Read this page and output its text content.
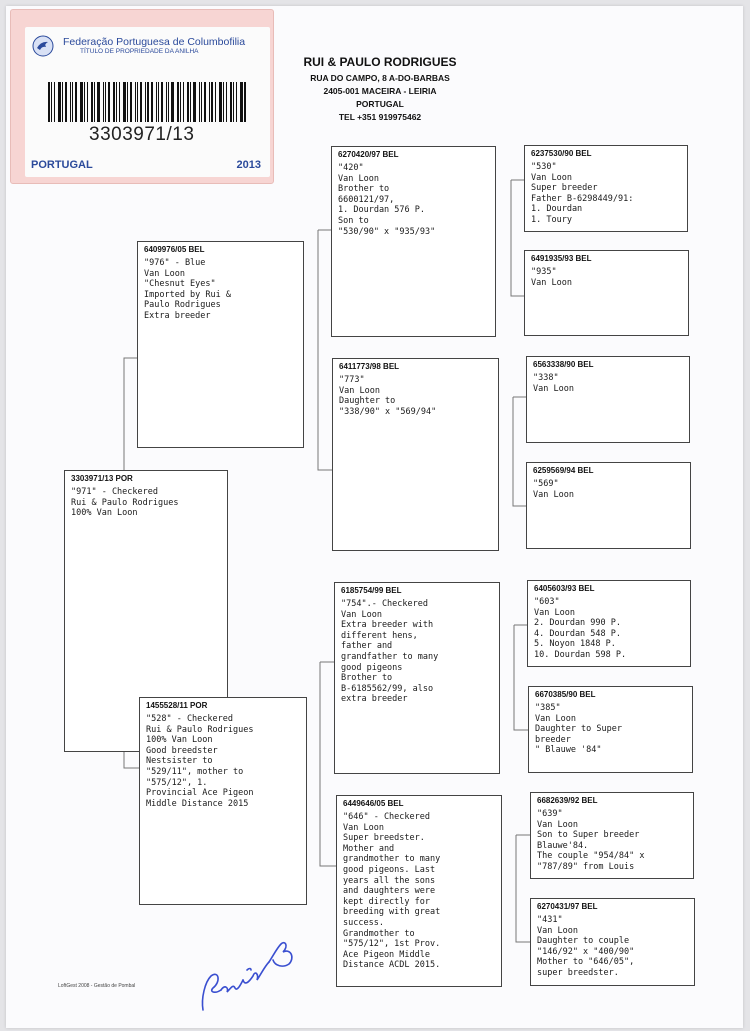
Federação Portuguesa de Columbofilia
TÍTULO DE PROPRIEDADE DA ANILHA
3303971/13
PORTUGAL	2013
RUI & PAULO RODRIGUES
RUA DO CAMPO, 8 A-DO-BARBAS
2405-001 MACEIRA - LEIRIA
PORTUGAL
TEL +351 919975462
3303971/13 POR
"971" - Checkered
Rui & Paulo Rodrigues
100% Van Loon
6409976/05 BEL
"976" - Blue
Van Loon
"Chesnut Eyes"
Imported by Rui &
Paulo Rodrigues
Extra breeder
1455528/11 POR
"528" - Checkered
Rui & Paulo Rodrigues
100% Van Loon
Good breedster
Nestsister to
"529/11", mother to
"575/12", 1.
Provincial Ace Pigeon
Middle Distance 2015
6270420/97 BEL
"420"
Van Loon
Brother to
6600121/97,
1. Dourdan 576 P.
Son to
"530/90" x "935/93"
6411773/98 BEL
"773"
Van Loon
Daughter to
"338/90" x "569/94"
6185754/99 BEL
"754".- Checkered
Van Loon
Extra breeder with
different hens,
father and
grandfather to many
good pigeons
Brother to
B-6185562/99, also
extra breeder
6449646/05 BEL
"646" - Checkered
Van Loon
Super breedster.
Mother and
grandmother to many
good pigeons. Last
years all the sons
and daughters were
kept directly for
breeding with great
success.
Grandmother to
"575/12", 1st Prov.
Ace Pigeon Middle
Distance ACDL 2015.
6237530/90 BEL
"530"
Van Loon
Super breeder
Father B-6298449/91:
1. Dourdan
1. Toury
6491935/93 BEL
"935"
Van Loon
6563338/90 BEL
"338"
Van Loon
6259569/94 BEL
"569"
Van Loon
6405603/93 BEL
"603"
Van Loon
2. Dourdan 990 P.
4. Dourdan 548 P.
5. Noyon 1848 P.
10. Dourdan 598 P.
6670385/90 BEL
"385"
Van Loon
Daughter to Super
breeder
" Blauwe '84"
6682639/92 BEL
"639"
Van Loon
Son to Super breeder
Blauwe'84.
The couple "954/84" x
"787/89" from Louis
6270431/97 BEL
"431"
Van Loon
Daughter to couple
"146/92" x "400/90"
Mother to "646/05",
super breedster.
LoftGest 2008 - Gestão de Pombal
